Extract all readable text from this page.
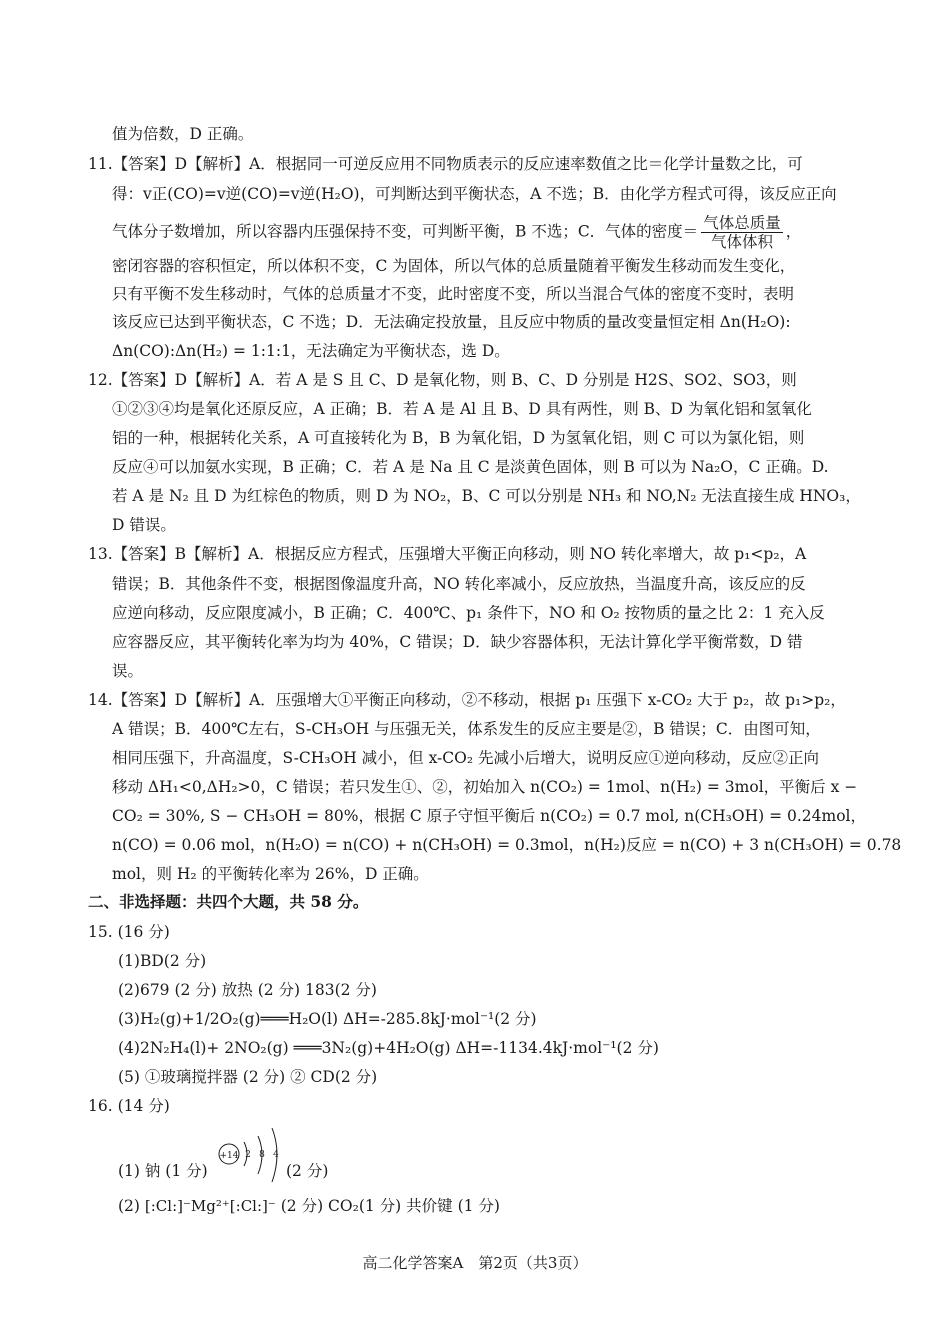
值为倍数，D 正确。
11.【答案】D【解析】A．根据同一可逆反应用不同物质表示的反应速率数值之比＝化学计量数之比，可
得：v正(CO)=v逆(CO)=v逆(H₂O)，可判断达到平衡状态，A 不选；B．由化学方程式可得，该反应正向
气体分子数增加，所以容器内压强保持不变，可判断平衡，B 不选；C．气体的密度＝ $\frac{\text{气体总质量}}{\text{气体体积}}$ ，
密闭容器的容积恒定，所以体积不变，C 为固体，所以气体的总质量随着平衡发生移动而发生变化，
只有平衡不发生移动时，气体的总质量才不变，此时密度不变，所以当混合气体的密度不变时，表明
该反应已达到平衡状态，C 不选；D．无法确定投放量，且反应中物质的量改变量恒定相 Δn(H₂O):
Δn(CO):Δn(H₂) = 1:1:1，无法确定为平衡状态，选 D。
12.【答案】D【解析】A．若 A 是 S 且 C、D 是氧化物，则 B、C、D 分别是 H2S、SO2、SO3，则
①②③④均是氧化还原反应，A 正确；B．若 A 是 Al 且 B、D 具有两性，则 B、D 为氧化铝和氢氧化
铝的一种，根据转化关系，A 可直接转化为 B，B 为氧化铝，D 为氢氧化铝，则 C 可以为氯化铝，则
反应④可以加氨水实现，B 正确；C．若 A 是 Na 且 C 是淡黄色固体，则 B 可以为 Na₂O，C 正确。D.
若 A 是 N₂ 且 D 为红棕色的物质，则 D 为 NO₂，B、C 可以分别是 NH₃ 和 NO,N₂ 无法直接生成 HNO₃，
D 错误。
13.【答案】B【解析】A．根据反应方程式，压强增大平衡正向移动，则 NO 转化率增大，故 p₁<p₂，A
错误；B．其他条件不变，根据图像温度升高，NO 转化率减小，反应放热，当温度升高，该反应的反
应逆向移动，反应限度减小，B 正确；C．400℃、p₁ 条件下，NO 和 O₂ 按物质的量之比 2：1 充入反
应容器反应，其平衡转化率为均为 40%，C 错误；D．缺少容器体积，无法计算化学平衡常数，D 错
误。
14.【答案】D【解析】A．压强增大①平衡正向移动，②不移动，根据 p₁ 压强下 x-CO₂ 大于 p₂，故 p₁>p₂，
A 错误；B．400℃左右，S-CH₃OH 与压强无关，体系发生的反应主要是②，B 错误；C．由图可知，
相同压强下，升高温度，S-CH₃OH 减小，但 x-CO₂ 先减小后增大，说明反应①逆向移动，反应②正向
移动 ΔH₁<0,ΔH₂>0，C 错误；若只发生①、②，初始加入 n(CO₂) = 1mol、n(H₂) = 3mol，平衡后 x −
CO₂ = 30%, S − CH₃OH = 80%，根据 C 原子守恒平衡后 n(CO₂) = 0.7 mol, n(CH₃OH) = 0.24mol，
n(CO) = 0.06 mol，n(H₂O) = n(CO) + n(CH₃OH) = 0.3mol，n(H₂)反应 = n(CO) + 3 n(CH₃OH) = 0.78
mol，则 H₂ 的平衡转化率为 26%，D 正确。
二、非选择题：共四个大题，共 58 分。
15. (16 分)
(1)BD(2 分)
(2)679 (2 分) 放热 (2 分) 183(2 分)
(3)H₂(g)+1/2O₂(g)═══H₂O(l) ΔH=-285.8kJ·mol⁻¹(2 分)
(4)2N₂H₄(l)+ 2NO₂(g) ═══3N₂(g)+4H₂O(g) ΔH=-1134.4kJ·mol⁻¹(2 分)
(5) ①玻璃搅拌器 (2 分) ② CD(2 分)
16. (14 分)
(1) 钠 (1 分)
+14 2 8 4
(2 分)
(2) [:Cl:]⁻Mg²⁺[:Cl:]⁻ (2 分) CO₂(1 分) 共价键 (1 分)
高二化学答案A　第2页（共3页）
